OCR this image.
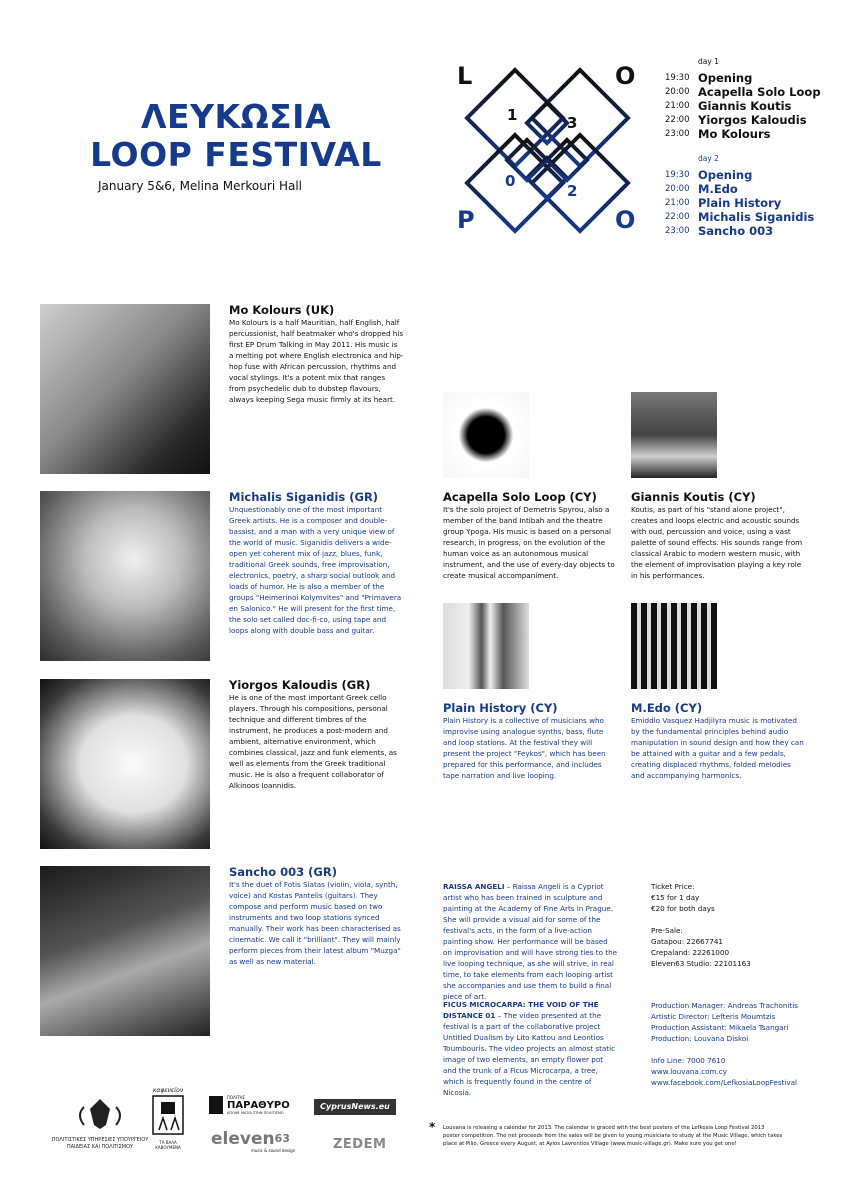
ΛΕΥΚΩΣΙΑ
LOOP FESTIVAL
January 5&6, Melina Merkouri Hall
L	O
O
P
1	3
0
2
day 1
19:30 Opening
20:00 Acapella Solo Loop
21:00 Giannis Koutis
22:00 Yiorgos Kaloudis
23:00 Mo Kolours
day 2
19:30 Opening
20:00 M.Edo
21:00 Plain History
22:00 Michalis Siganidis
23:00 Sancho 003
Mo Kolours (UK)

Mo Kolours is a half Mauritian, half English, half percussionist, half beatmaker who's dropped his first EP Drum Talking in May 2011. His music is a melting pot where English electronica and hip-hop fuse with African percussion, rhythms and vocal stylings. It's a potent mix that ranges from psychedelic dub to dubstep flavours, always keeping Sega music firmly at its heart.

Michalis Siganidis (GR)

Unquestionably one of the most important Greek artists. He is a composer and double-bassist, and a man with a very unique view of the world of music. Siganidis delivers a wide-open yet coherent mix of jazz, blues, funk, traditional Greek sounds, free improvisation, electronics, poetry, a sharp social outlook and loads of humor. He is also a member of the groups "Heimerinoi Kolymvites" and "Primavera en Salonico." He will present for the first time, the solo set called doc-fi-co, using tape and loops along with double bass and guitar.

Yiorgos Kaloudis (GR)

He is one of the most important Greek cello players. Through his compositions, personal technique and different timbres of the instrument, he produces a post-modern and ambient, alternative environment, which combines classical, jazz and funk elements, as well as elements from the Greek traditional music. He is also a frequent collaborator of Alkinoos Ioannidis.

Sancho 003 (GR)

It's the duet of Fotis Siatas (violin, viola, synth, voice) and Kostas Pantelis (guitars). They compose and perform music based on two instruments and two loop stations synced manually. Their work has been characterised as cinematic. We call it "brilliant". They will mainly perform pieces from their latest album "Muzga" as well as new material.

Acapella Solo Loop (CY)

It's the solo project of Demetris Spyrou, also a member of the band Intibah and the theatre group Ypoga. His music is based on a personal research, in progress, on the evolution of the human voice as an autonomous musical instrument, and the use of every-day objects to create musical accompaniment.

Giannis Koutis (CY)

Koutis, as part of his "stand alone project", creates and loops electric and acoustic sounds with oud, percussion and voice, using a vast palette of sound effects. His sounds range from classical Arabic to modern western music, with the element of improvisation playing a key role in his performances.

Plain History (CY)

Plain History is a collective of musicians who improvise using analogue synths, bass, flute and loop stations. At the festival they will present the project "Feykos", which has been prepared for this performance, and includes tape narration and live looping.

M.Edo (CY)

Emiddio Vasquez Hadjilyra music is motivated by the fundamental principles behind audio manipulation in sound design and how they can be attained with a guitar and a few pedals, creating displaced rhythms, folded melodies and accompanying harmonics.

RAISSA ANGELI – Raissa Angeli is a Cypriot artist who has been trained in sculpture and painting at the Academy of Fine Arts in Prague. She will provide a visual aid for some of the festival's acts, in the form of a live-action painting show. Her performance will be based on improvisation and will have strong ties to the live looping technique, as she will strive, in real time, to take elements from each looping artist she accompanies and use them to build a final piece of art.
FICUS MICROCARPA: THE VOID OF THE DISTANCE 01 – The video presented at the festival is a part of the collaborative project Untitled Dualism by Lito Kattou and Leontios Toumbouris. The video projects an almost static image of two elements, an empty flower pot and the trunk of a Ficus Microcarpa, a tree, which is frequently found in the centre of Nicosia.
Ticket Price:
€15 for 1 day
€20 for both days
Pre-Sale:
Gatapou: 22667741
Crepaland: 22261000
Eleven63 Studio: 22101163
Production Manager: Andreas Trachonitis
Artistic Director: Lefteris Moumtzis
Production Assistant: Mikaela Tsangari
Production: Louvana Diskoi
Info Line: 7000 7610
www.louvana.com.cy
www.facebook.com/LefkosiaLoopFestival
* Louvana is releasing a calendar for 2013. The calendar is graced with the best posters of the Lefkosia Loop Festival 2013 poster competition. The net proceeds from the sales will be given to young musicians to study at the Music Village, which takes place at Pilio, Greece every August, at Ayios Lavrentios Village (www.music-village.gr). Make sure you get one!
ΠΟΛΙΤΙΣΤΙΚΕΣ ΥΠΗΡΕΣΙΕΣ ΥΠΟΥΡΓΕΙΟΥ ΠΑΙΔΕΙΑΣ ΚΑΙ ΠΟΛΙΤΙΣΜΟΥ
καφενείον
ΤΑ ΒΑΛΑ ΚΑΒΟΥΜΕΝΑ
ΠΟΛΙΤΗΣ
ΠΑΡΑΘΥΡΟ
ΑΠΟΨΕ ΜΑΤΙΑ ΣΤΗΝ ΠΟΛΙΤΙΣΜΟ
CyprusNews.eu
eleven$^{63}$
music & sound design	ZEDEM
